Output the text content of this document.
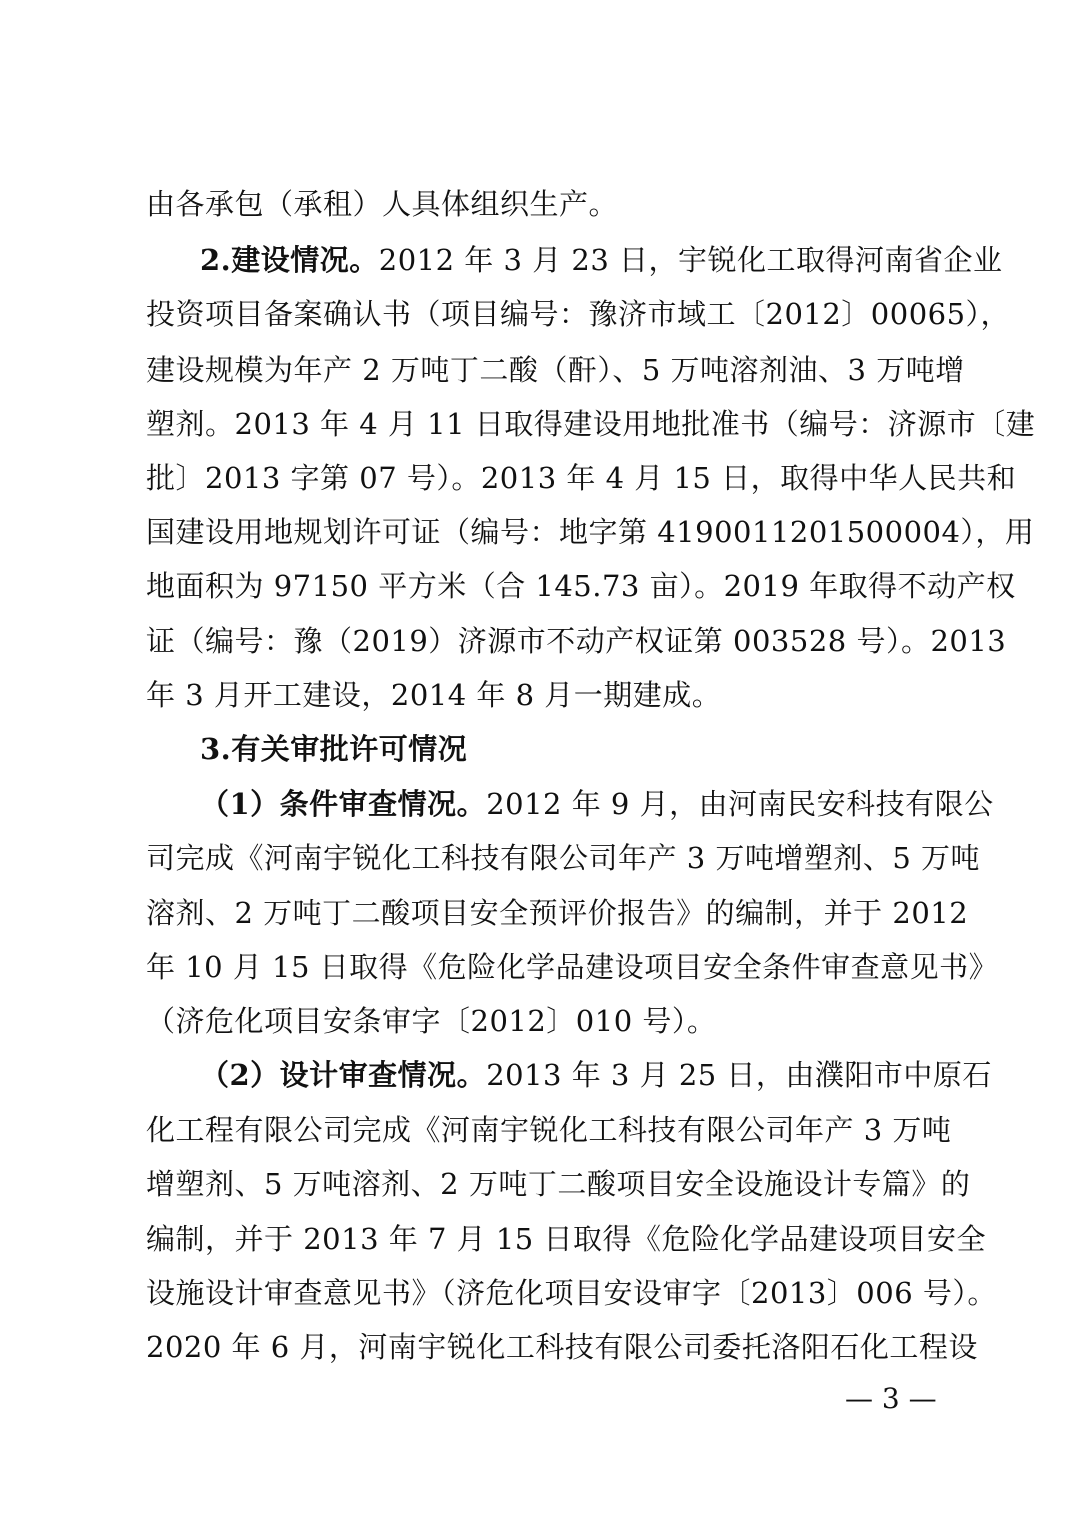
由各承包（承租）人具体组织生产。
2.建设情况。2012 年 3 月 23 日，宇锐化工取得河南省企业
投资项目备案确认书（项目编号：豫济市域工〔2012〕00065），
建设规模为年产 2 万吨丁二酸（酐）、5 万吨溶剂油、3 万吨增
塑剂。2013 年 4 月 11 日取得建设用地批准书（编号：济源市〔建
批〕2013 字第 07 号）。2013 年 4 月 15 日，取得中华人民共和
国建设用地规划许可证（编号：地字第 4190011201500004），用
地面积为 97150 平方米（合 145.73 亩）。2019 年取得不动产权
证（编号：豫（2019）济源市不动产权证第 003528 号）。2013
年 3 月开工建设，2014 年 8 月一期建成。
3.有关审批许可情况
（1）条件审查情况。2012 年 9 月，由河南民安科技有限公
司完成《河南宇锐化工科技有限公司年产 3 万吨增塑剂、5 万吨
溶剂、2 万吨丁二酸项目安全预评价报告》的编制，并于 2012
年 10 月 15 日取得《危险化学品建设项目安全条件审查意见书》
（济危化项目安条审字〔2012〕010 号）。
（2）设计审查情况。2013 年 3 月 25 日，由濮阳市中原石
化工程有限公司完成《河南宇锐化工科技有限公司年产 3 万吨
增塑剂、5 万吨溶剂、2 万吨丁二酸项目安全设施设计专篇》的
编制，并于 2013 年 7 月 15 日取得《危险化学品建设项目安全
设施设计审查意见书》（济危化项目安设审字〔2013〕006 号）。
2020 年 6 月，河南宇锐化工科技有限公司委托洛阳石化工程设
— 3 —
